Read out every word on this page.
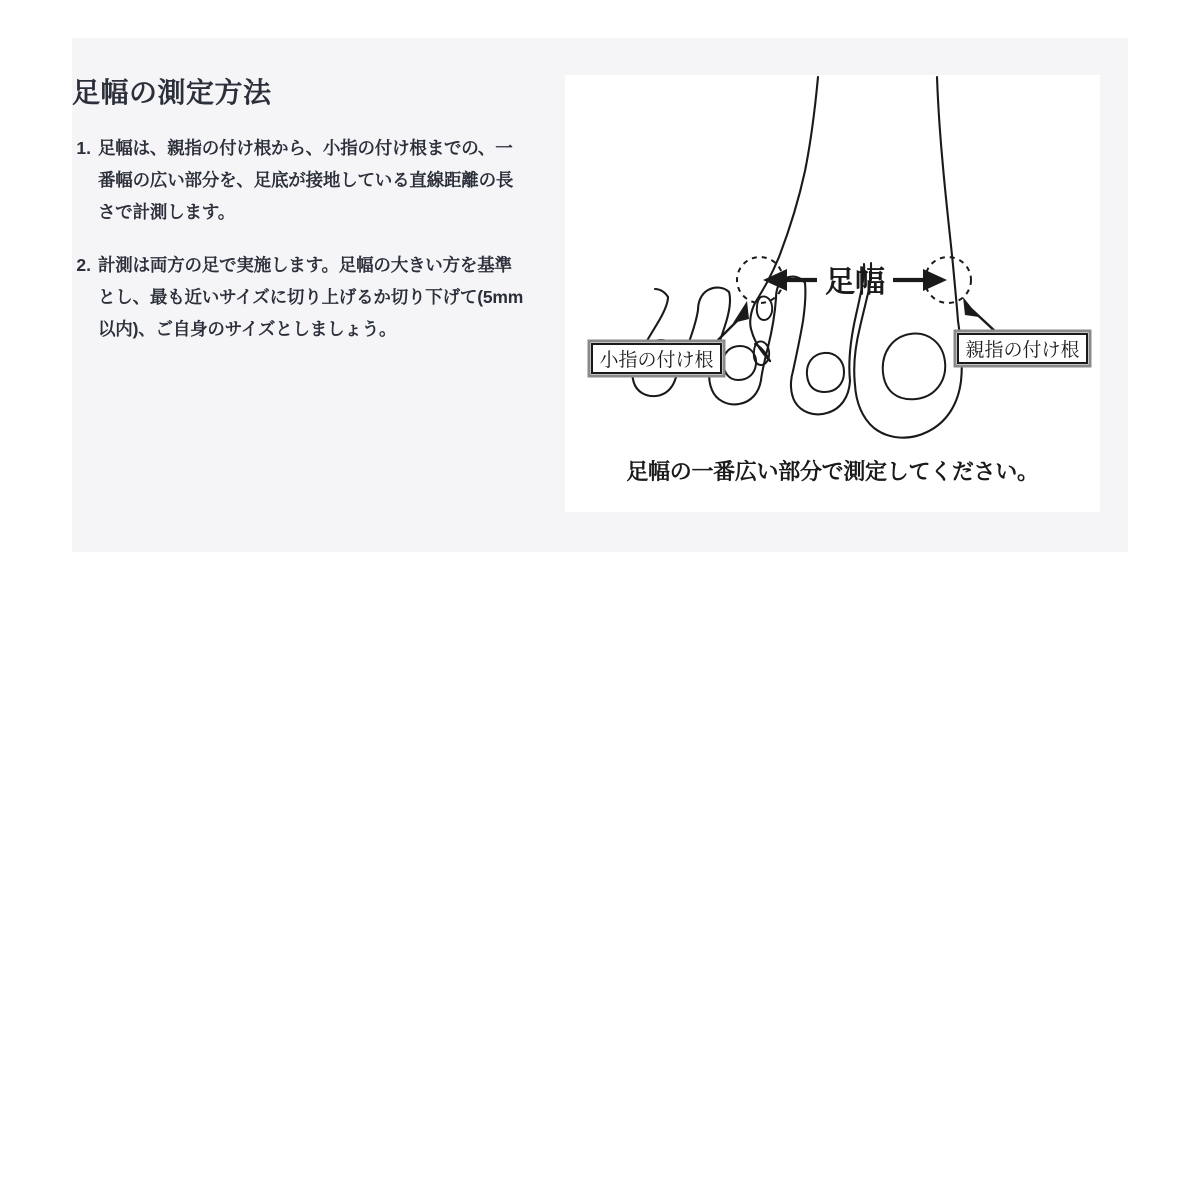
足幅の測定方法
1. 足幅は、親指の付け根から、小指の付け根までの、一番幅の広い部分を、足底が接地している直線距離の長さで計測します。
2. 計測は両方の足で実施します。足幅の大きい方を基準とし、最も近いサイズに切り上げるか切り下げて(5mm以内)、ご自身のサイズとしましょう。
足幅
小指の付け根	親指の付け根
足幅の一番広い部分で測定してください。
